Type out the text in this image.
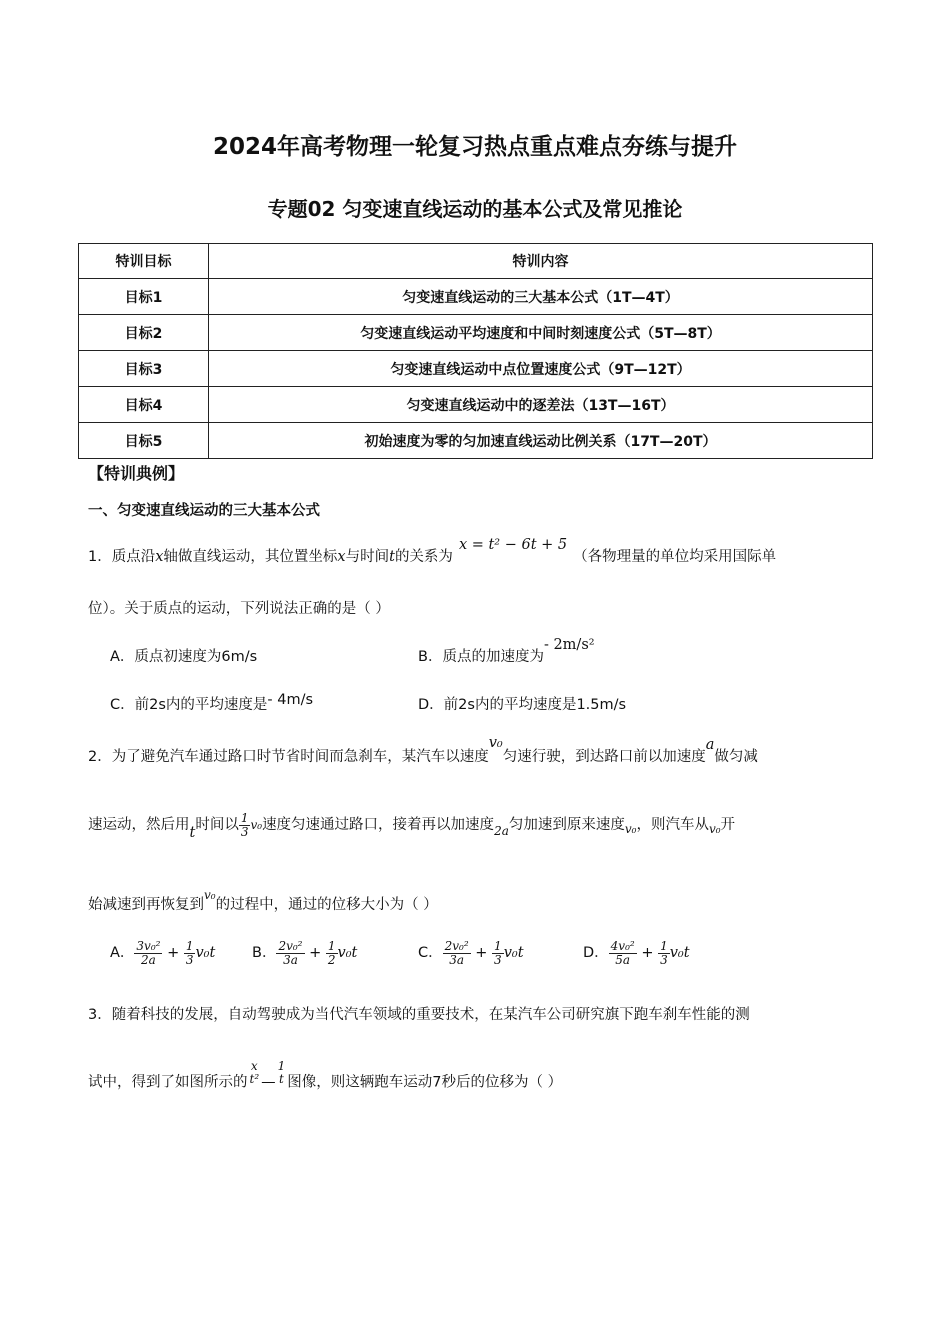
2024年高考物理一轮复习热点重点难点夯练与提升
专题02 匀变速直线运动的基本公式及常见推论
特训目标	特训内容
目标1	匀变速直线运动的三大基本公式（1T—4T）
目标2	匀变速直线运动平均速度和中间时刻速度公式（5T—8T）
目标3	匀变速直线运动中点位置速度公式（9T—12T）
目标4	匀变速直线运动中的逐差法（13T—16T）
目标5	初始速度为零的匀加速直线运动比例关系（17T—20T）
【特训典例】
一、匀变速直线运动的三大基本公式
1．质点沿x轴做直线运动，其位置坐标x与时间t的关系为x = t² − 6t + 5（各物理量的单位均采用国际单
位）。关于质点的运动，下列说法正确的是（ ）
A．质点初速度为6m/s	B．质点的加速度为- 2m/s²
C．前2s内的平均速度是- 4m/s	D．前2s内的平均速度是1.5m/s
2．为了避免汽车通过路口时节省时间而急刹车，某汽车以速度v₀匀速行驶，到达路口前以加速度a做匀减
速运动，然后用t时间以 $\frac{1}{3} v_0$速度匀速通过路口，接着再以加速度$_{2a}$匀加速到原来速度$_{v_0}$，则汽车从$_{v_0}$开
始减速到再恢复到$^{v_0}$的过程中，通过的位移大小为（ ）
A． $\frac{\text{3v₀²}}{2a} + \frac{1}{3} v_0t$	B． $\frac{\text{2v₀²}}{3a} + \frac{1}{2} v_0t$	C． $\frac{\text{2v₀²}}{3a} + \frac{1}{3} v_0t$	D． $\frac{\text{4v₀²}}{5a} + \frac{1}{3} v_0t$
3．随着科技的发展，自动驾驶成为当代汽车领域的重要技术，在某汽车公司研究旗下跑车刹车性能的测
试中，得到了如图所示的
x
t² —
1
t 图像，则这辆跑车运动7秒后的位移为（ ）
